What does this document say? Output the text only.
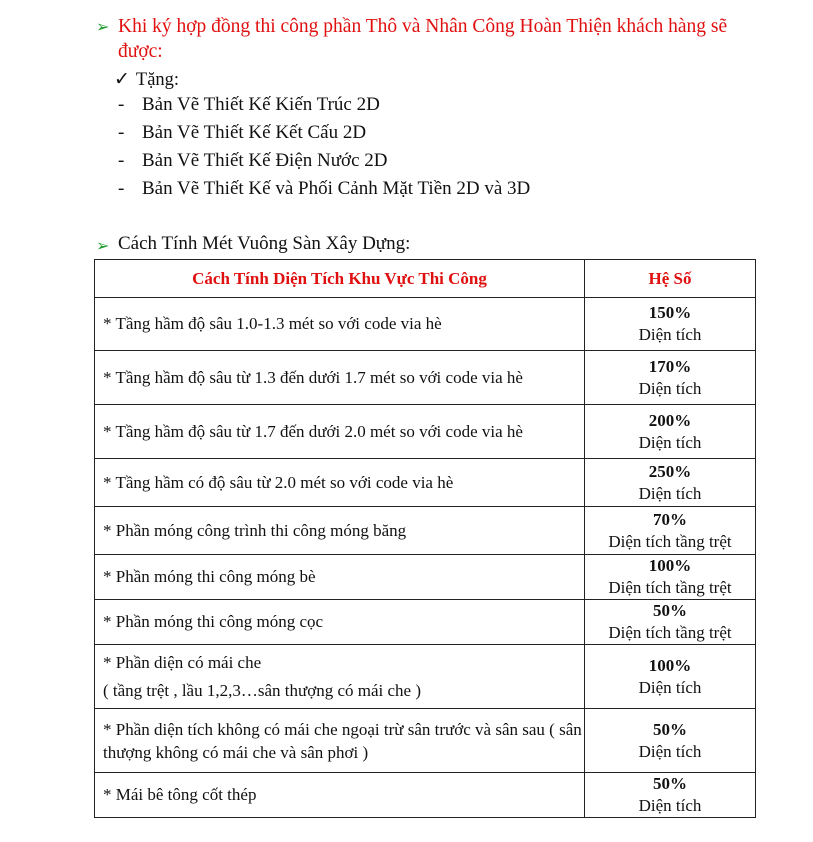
➢ Khi ký hợp đồng thi công phần Thô và Nhân Công Hoàn Thiện khách hàng sẽ được:
✓ Tặng:
- Bản Vẽ Thiết Kế Kiến Trúc 2D
- Bản Vẽ Thiết Kế Kết Cấu 2D
- Bản Vẽ Thiết Kế Điện Nước 2D
- Bản Vẽ Thiết Kế và Phối Cảnh Mặt Tiền 2D và 3D
➢ Cách Tính Mét Vuông Sàn Xây Dựng:
Cách Tính Diện Tích Khu Vực Thi Công	Hệ Số
* Tầng hầm độ sâu 1.0-1.3 mét so với code via hè	150%
Diện tích

* Tầng hầm độ sâu từ 1.3 đến dưới 1.7 mét so với code via hè	170%
Diện tích

* Tầng hầm độ sâu từ 1.7 đến dưới 2.0 mét so với code via hè	200%
Diện tích

* Tầng hầm có độ sâu từ 2.0 mét so với code via hè	250%
Diện tích

* Phần móng công trình thi công móng băng	70%
Diện tích tầng trệt

* Phần móng thi công móng bè	100%
Diện tích tầng trệt

* Phần móng thi công móng cọc	50%
Diện tích tầng trệt

* Phần diện có mái che
( tầng trệt , lầu 1,2,3…sân thượng có mái che )	100%
Diện tích

* Phần diện tích không có mái che ngoại trừ sân trước và sân sau ( sân thượng không có mái che và sân phơi )	50%
Diện tích

* Mái bê tông cốt thép	50%
Diện tích
